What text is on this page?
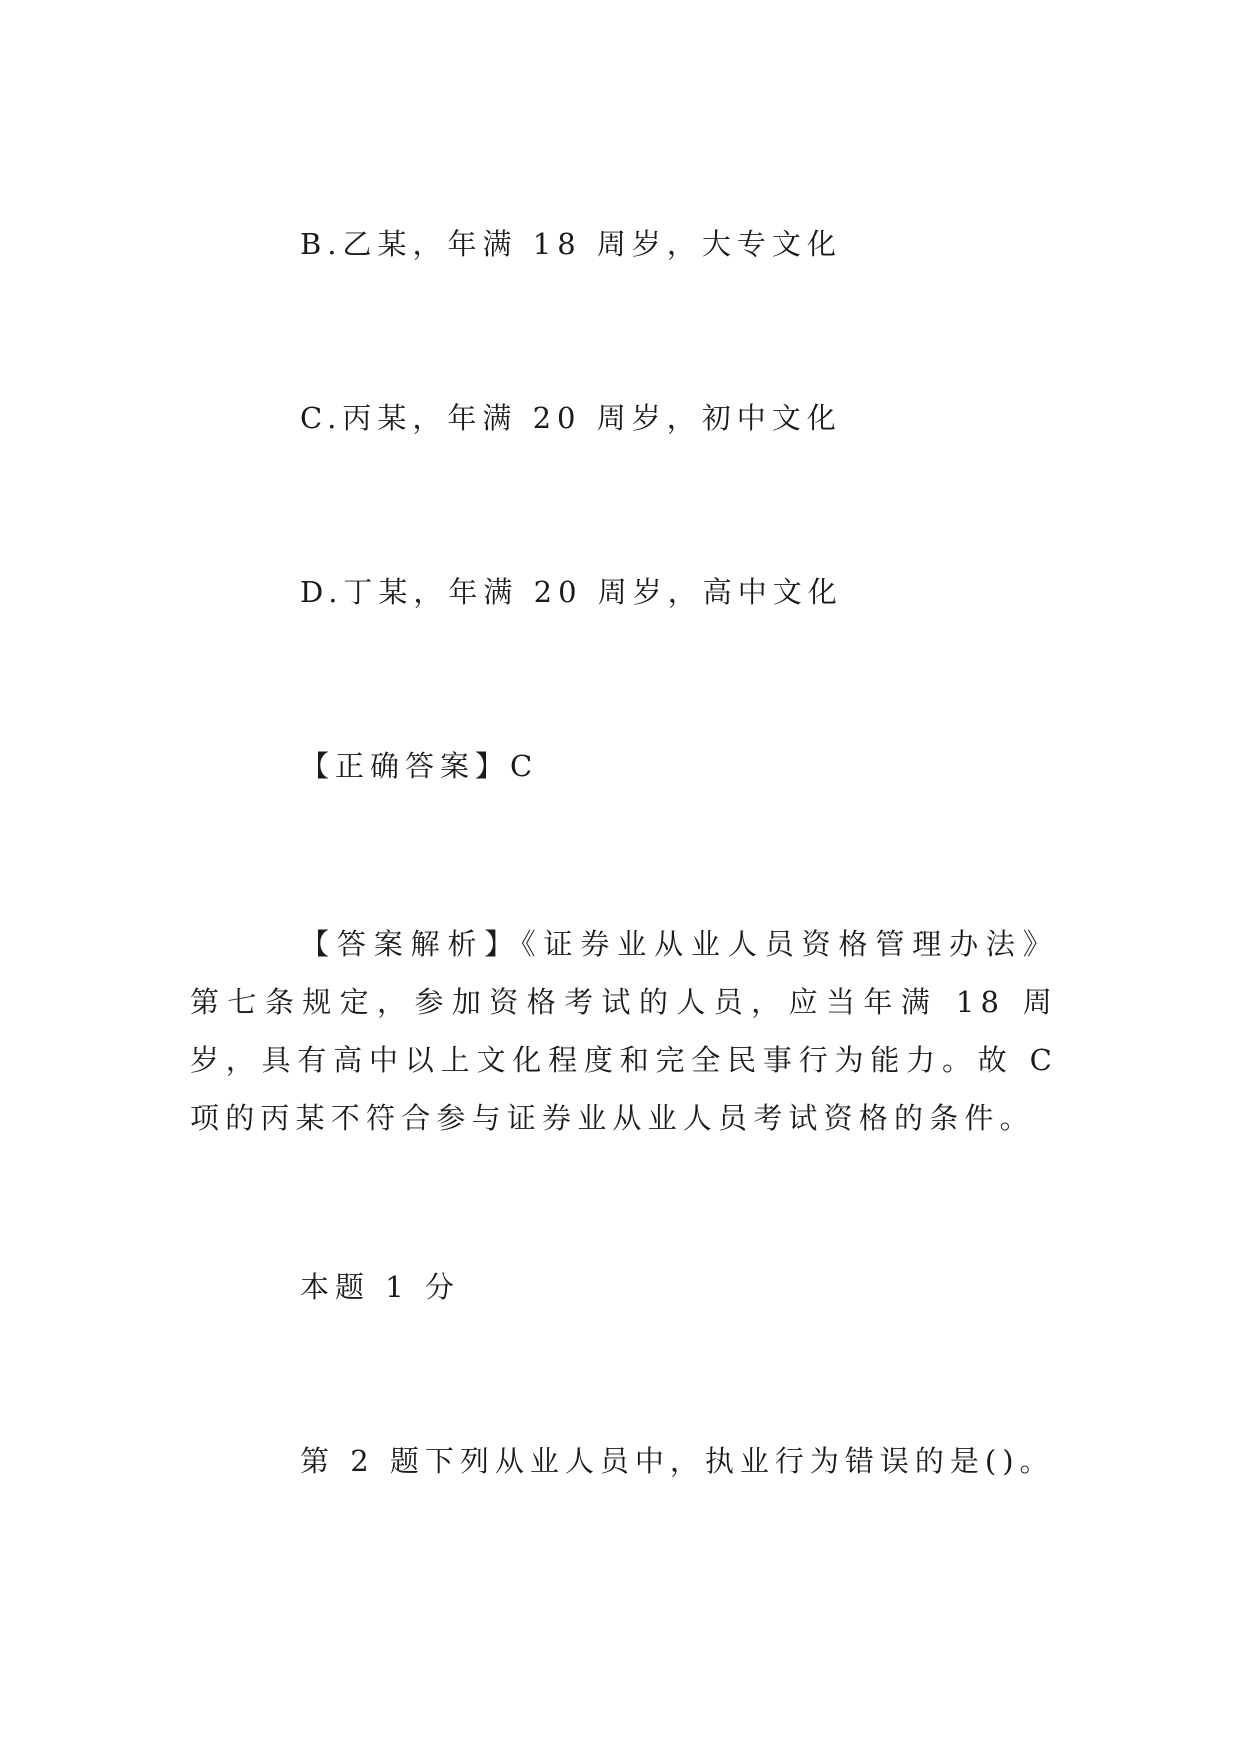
B.乙某，年满 18 周岁，大专文化
C.丙某，年满 20 周岁，初中文化
D.丁某，年满 20 周岁，高中文化
【正确答案】C
【答案解析】《证券业从业人员资格管理办法》第七条规定，参加资格考试的人员，应当年满 18 周岁，具有高中以上文化程度和完全民事行为能力。故 C 项的丙某不符合参与证券业从业人员考试资格的条件。
本题 1 分
第 2 题下列从业人员中，执业行为错误的是()。
